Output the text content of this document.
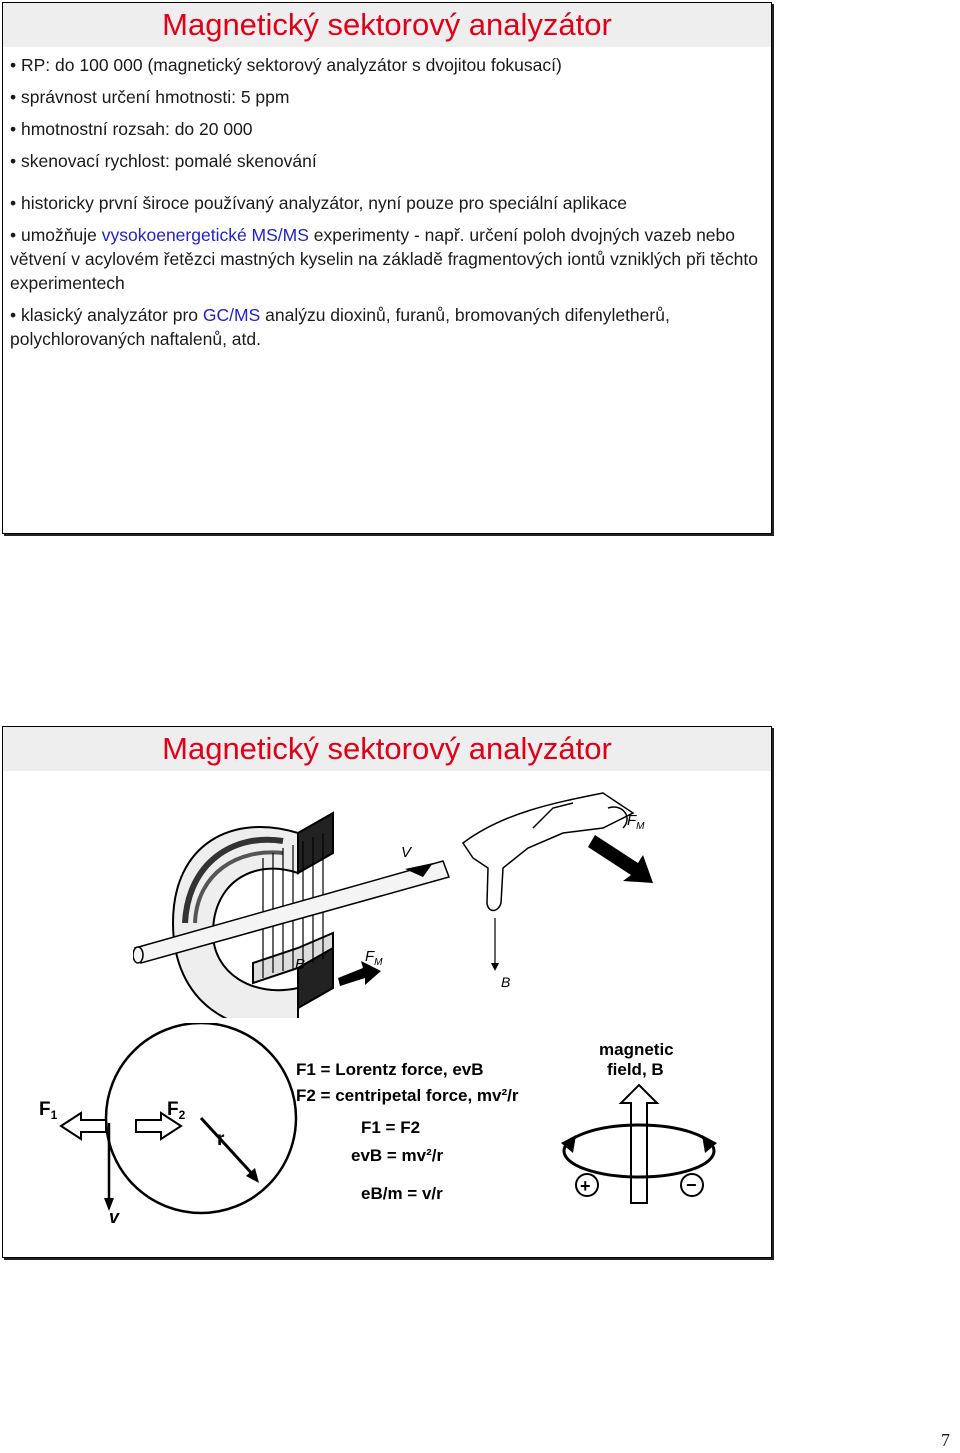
Magnetický sektorový analyzátor
• RP: do 100 000 (magnetický sektorový analyzátor s dvojitou fokusací)
• správnost určení hmotnosti: 5 ppm
• hmotnostní rozsah: do 20 000
• skenovací rychlost: pomalé skenování
• historicky první široce používaný analyzátor, nyní pouze pro speciální aplikace
• umožňuje vysokoenergetické MS/MS experimenty - např. určení poloh dvojných vazeb nebo větvení v acylovém řetězci mastných kyselin na základě fragmentových iontů vzniklých při těchto experimentech
• klasický analyzátor pro GC/MS analýzu dioxinů, furanů, bromovaných difenyletherů, polychlorovaných naftalenů, atd.
Magnetický sektorový analyzátor
V
B	$F_M$
B
$F_M$
$F_1$	$F_2$
r
v
F1 = Lorentz force, evB
F2 = centripetal force, mv²/r
F1 = F2
evB = mv²/r
eB/m = v/r
magnetic
field, B
+	−
7
